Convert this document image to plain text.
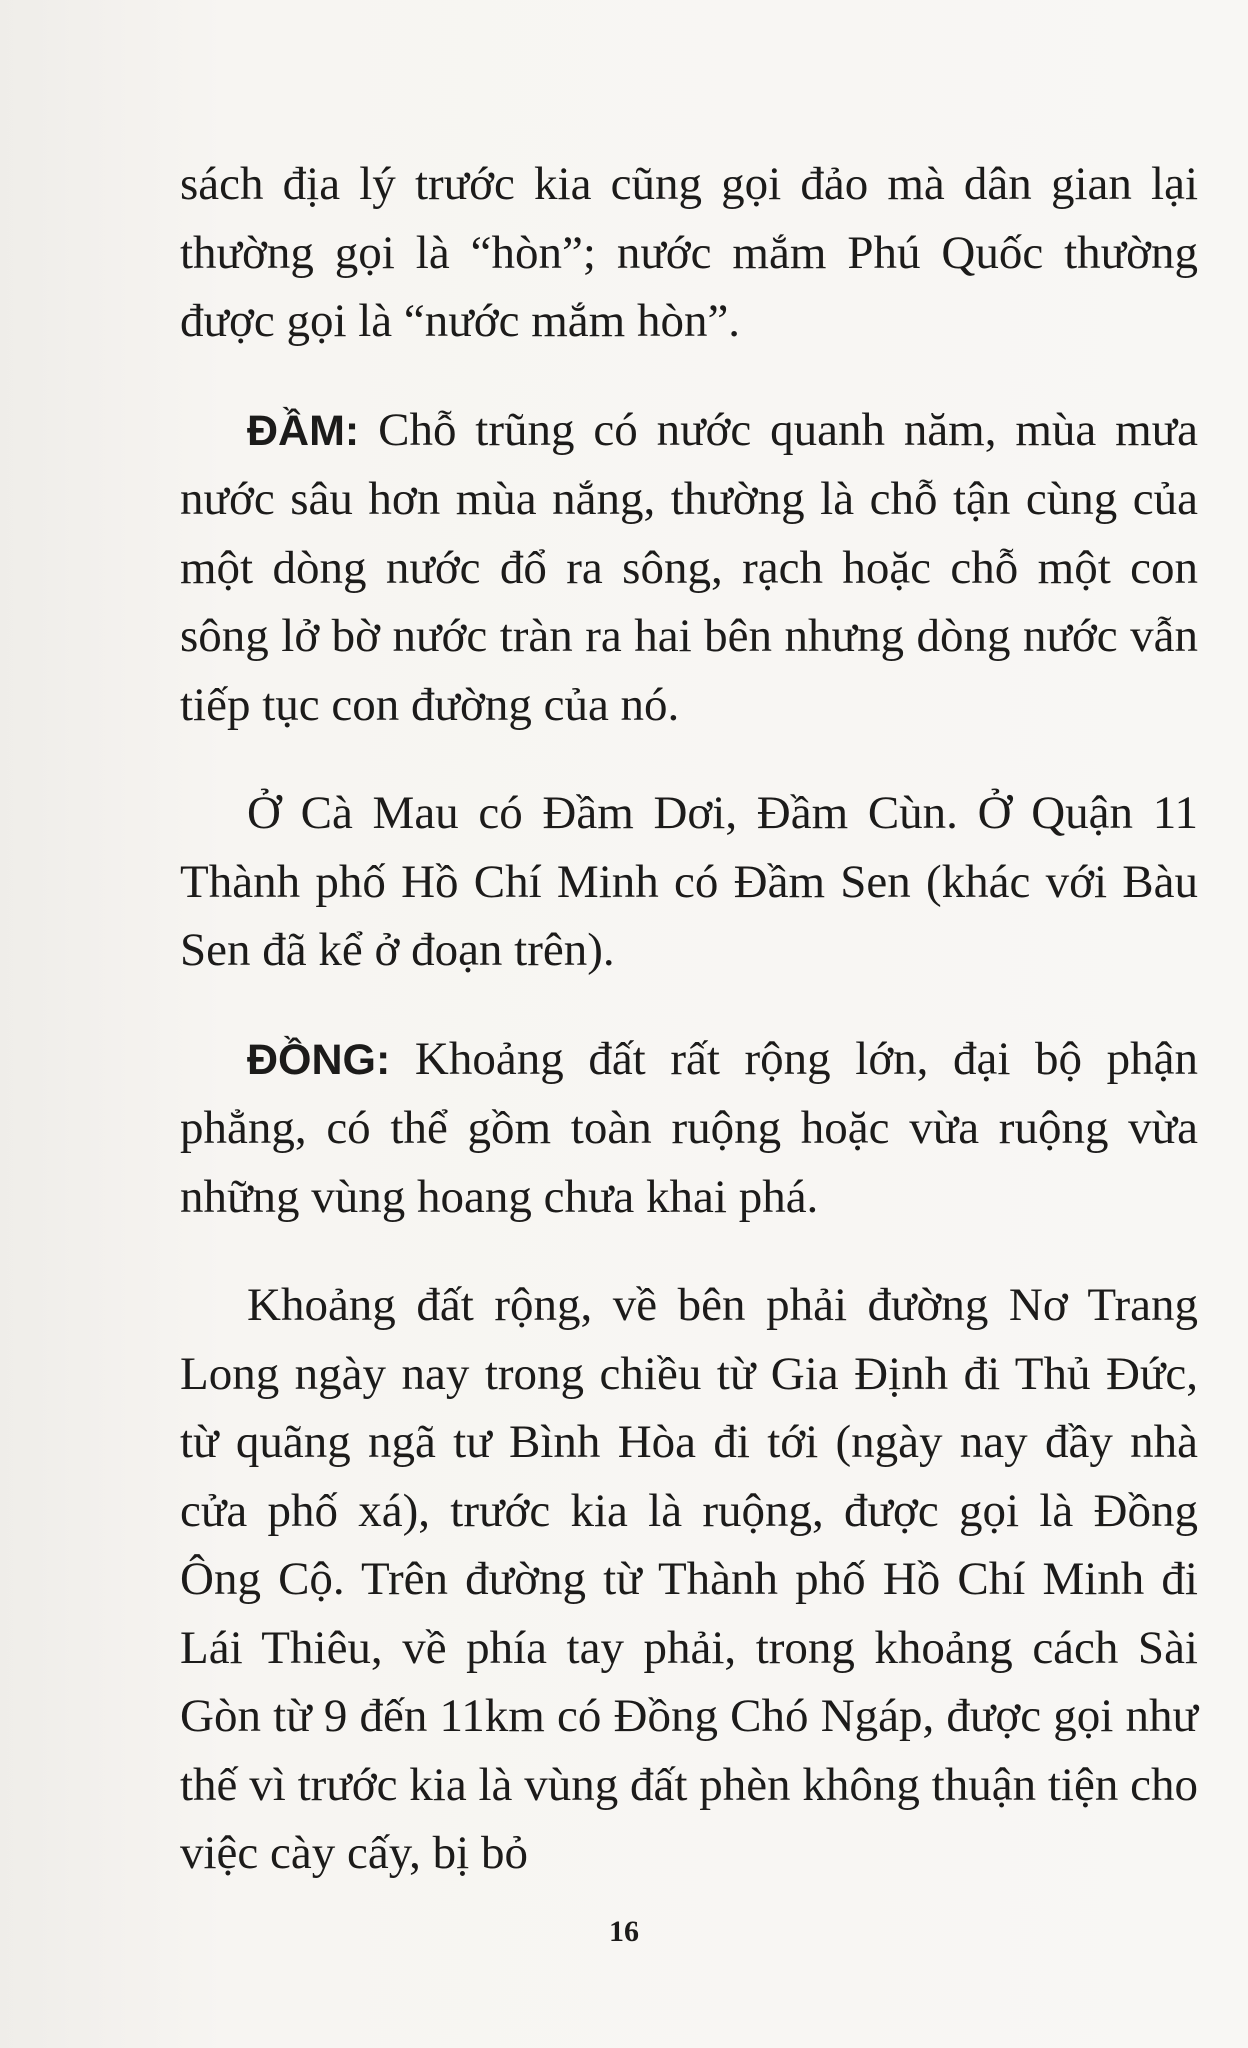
sách địa lý trước kia cũng gọi đảo mà dân gian lại thường gọi là “hòn”; nước mắm Phú Quốc thường được gọi là “nước mắm hòn”.

ĐẦM: Chỗ trũng có nước quanh năm, mùa mưa nước sâu hơn mùa nắng, thường là chỗ tận cùng của một dòng nước đổ ra sông, rạch hoặc chỗ một con sông lở bờ nước tràn ra hai bên nhưng dòng nước vẫn tiếp tục con đường của nó.

Ở Cà Mau có Đầm Dơi, Đầm Cùn. Ở Quận 11 Thành phố Hồ Chí Minh có Đầm Sen (khác với Bàu Sen đã kể ở đoạn trên).

ĐỒNG: Khoảng đất rất rộng lớn, đại bộ phận phẳng, có thể gồm toàn ruộng hoặc vừa ruộng vừa những vùng hoang chưa khai phá.

Khoảng đất rộng, về bên phải đường Nơ Trang Long ngày nay trong chiều từ Gia Định đi Thủ Đức, từ quãng ngã tư Bình Hòa đi tới (ngày nay đầy nhà cửa phố xá), trước kia là ruộng, được gọi là Đồng Ông Cộ. Trên đường từ Thành phố Hồ Chí Minh đi Lái Thiêu, về phía tay phải, trong khoảng cách Sài Gòn từ 9 đến 11km có Đồng Chó Ngáp, được gọi như thế vì trước kia là vùng đất phèn không thuận tiện cho việc cày cấy, bị bỏ

16
